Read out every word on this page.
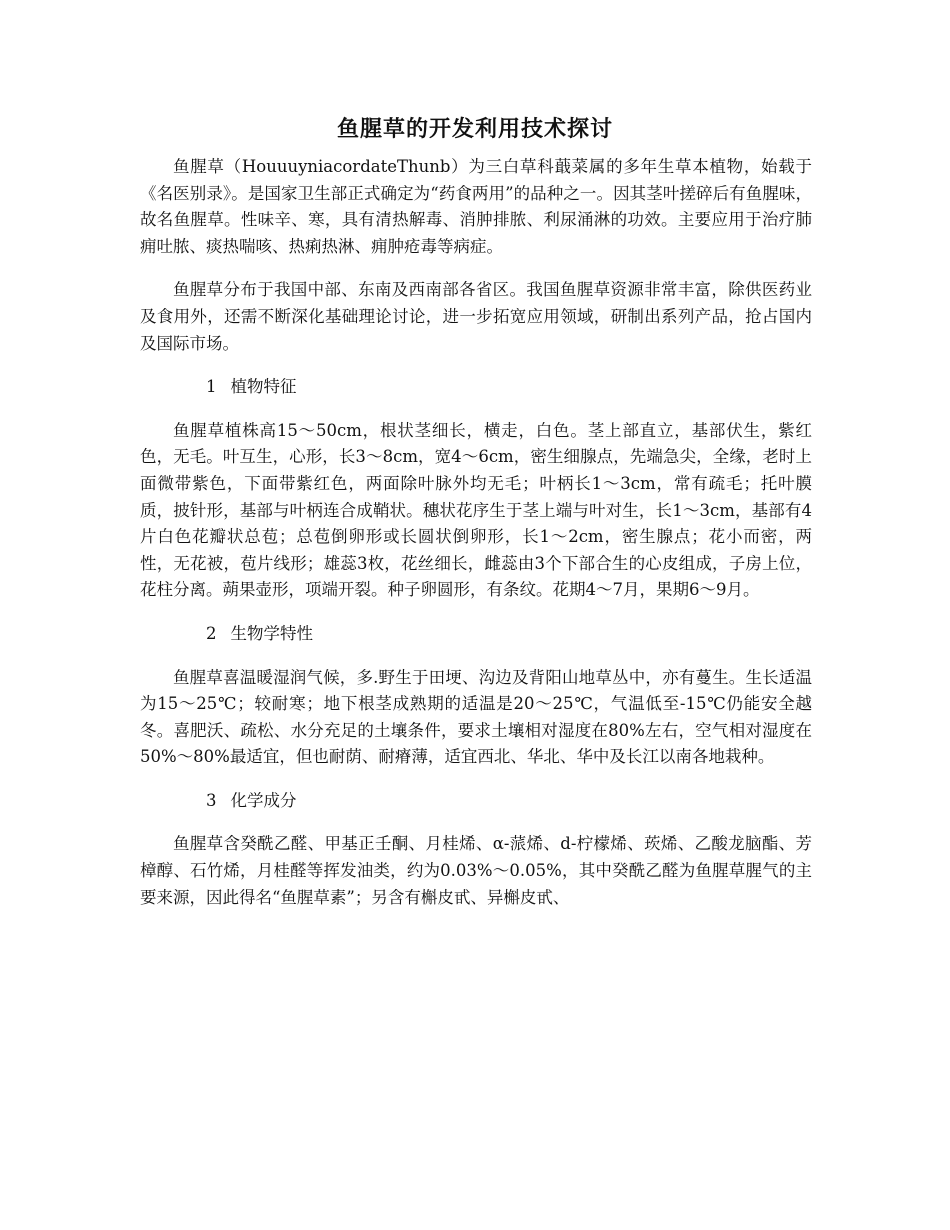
鱼腥草的开发利用技术探讨

鱼腥草（HouuuyniacordateThunb）为三白草科蕺菜属的多年生草本植物，始载于《名医别录》。是国家卫生部正式确定为“药食两用”的品种之一。因其茎叶搓碎后有鱼腥味，故名鱼腥草。性味辛、寒，具有清热解毒、消肿排脓、利尿涌淋的功效。主要应用于治疗肺痈吐脓、痰热喘咳、热痢热淋、痈肿疮毒等病症。

鱼腥草分布于我国中部、东南及西南部各省区。我国鱼腥草资源非常丰富，除供医药业及食用外，还需不断深化基础理论讨论，进一步拓宽应用领域，研制出系列产品，抢占国内及国际市场。

1 植物特征

鱼腥草植株高15～50cm，根状茎细长，横走，白色。茎上部直立，基部伏生，紫红色，无毛。叶互生，心形，长3～8cm，宽4～6cm，密生细腺点，先端急尖，全缘，老时上面微带紫色，下面带紫红色，两面除叶脉外均无毛；叶柄长1～3cm，常有疏毛；托叶膜质，披针形，基部与叶柄连合成鞘状。穗状花序生于茎上端与叶对生，长1～3cm，基部有4片白色花瓣状总苞；总苞倒卵形或长圆状倒卵形，长1～2cm，密生腺点；花小而密，两性，无花被，苞片线形；雄蕊3枚，花丝细长，雌蕊由3个下部合生的心皮组成，子房上位，花柱分离。蒴果壶形，项端开裂。种子卵圆形，有条纹。花期4～7月，果期6～9月。

2 生物学特性

鱼腥草喜温暖湿润气候，多.野生于田埂、沟边及背阳山地草丛中，亦有蔓生。生长适温为15～25℃；较耐寒；地下根茎成熟期的适温是20～25℃，气温低至-15℃仍能安全越冬。喜肥沃、疏松、水分充足的土壤条件，要求土壤相对湿度在80%左右，空气相对湿度在50%～80%最适宜，但也耐荫、耐瘠薄，适宜西北、华北、华中及长江以南各地栽种。

3 化学成分

鱼腥草含癸酰乙醛、甲基正壬酮、月桂烯、α-蒎烯、d-柠檬烯、莰烯、乙酸龙脑酯、芳樟醇、石竹烯，月桂醛等挥发油类，约为0.03%～0.05%，其中癸酰乙醛为鱼腥草腥气的主要来源，因此得名“鱼腥草素”；另含有槲皮甙、异槲皮甙、
